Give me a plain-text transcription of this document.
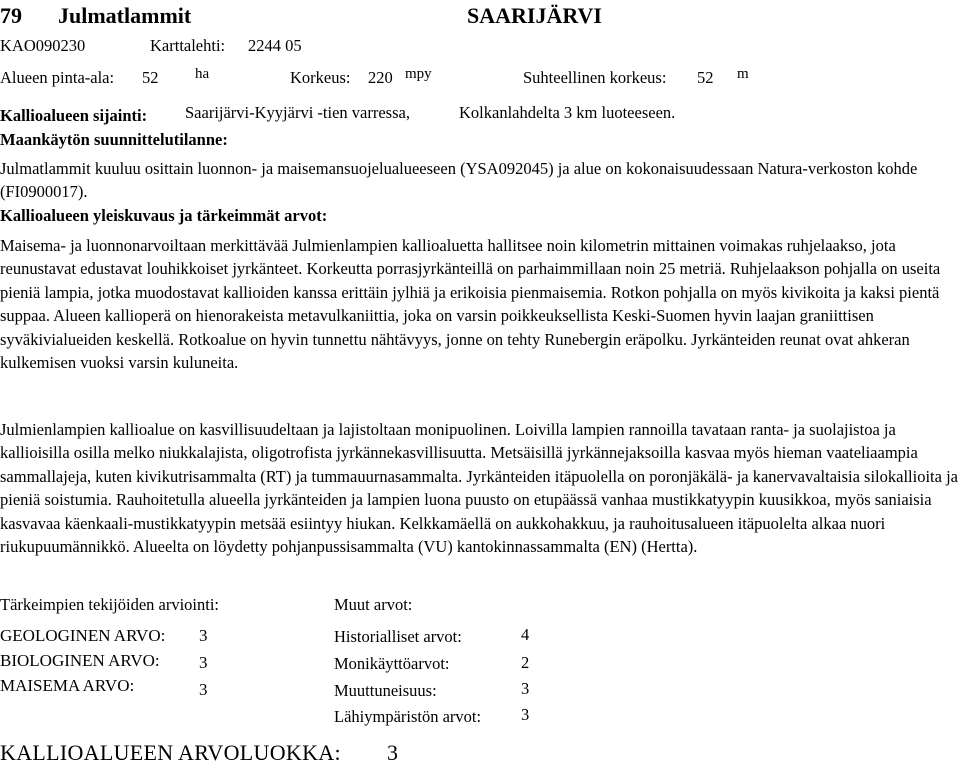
79 Julmatlammit	SAARIJÄRVI
KAO090230	Karttalehti: 2244 05
Alueen pinta-ala: 52 ha	Korkeus: 220 mpy	Suhteellinen korkeus: 52 m
Kallioalueen sijainti: Saarijärvi-Kyyjärvi -tien varressa,	Kolkanlahdelta 3 km luoteeseen.
Maankäytön suunnittelutilanne:
Julmatlammit kuuluu osittain luonnon- ja maisemansuojelualueeseen (YSA092045) ja alue on kokonaisuudessaan Natura-verkoston kohde (FI0900017).
Kallioalueen yleiskuvaus ja tärkeimmät arvot:
Maisema- ja luonnonarvoiltaan merkittävää Julmienlampien kallioaluetta hallitsee noin kilometrin mittainen voimakas ruhjelaakso, jota reunustavat edustavat louhikkoiset jyrkänteet. Korkeutta porrasjyrkänteillä on parhaimmillaan noin 25 metriä. Ruhjelaakson pohjalla on useita pieniä lampia, jotka muodostavat kallioiden kanssa erittäin jylhiä ja erikoisia pienmaisemia. Rotkon pohjalla on myös kivikoita ja kaksi pientä suppaa. Alueen kallioperä on hienorakeista metavulkaniittia, joka on varsin poikkeuksellista Keski-Suomen hyvin laajan graniittisen syväkivialueiden keskellä. Rotkoalue on hyvin tunnettu nähtävyys, jonne on tehty Runebergin eräpolku. Jyrkänteiden reunat ovat ahkeran kulkemisen vuoksi varsin kuluneita.
Julmienlampien kallioalue on kasvillisuudeltaan ja lajistoltaan monipuolinen. Loivilla lampien rannoilla tavataan ranta- ja suolajistoa ja kallioisilla osilla melko niukkalajista, oligotrofista jyrkännekasvillisuutta. Metsäisillä jyrkännejaksoilla kasvaa myös hieman vaateliaampia sammallajeja, kuten kivikutrisammalta (RT) ja tummauurnasammalta. Jyrkänteiden itäpuolella on poronjäkälä- ja kanervavaltaisia silokallioita ja pieniä soistumia. Rauhoitetulla alueella jyrkänteiden ja lampien luona puusto on etupäässä vanhaa mustikkatyypin kuusikkoa, myös saniaisia kasvavaa käenkaali-mustikkatyypin metsää esiintyy hiukan. Kelkkamäellä on aukkohakkuu, ja rauhoitusalueen itäpuolelta alkaa nuori riukupuumännikkö. Alueelta on löydetty pohjanpussisammalta (VU) kantokinnassammalta (EN) (Hertta).
Tärkeimpien tekijöiden arviointi:
GEOLOGINEN ARVO: 3
BIOLOGINEN ARVO: 3
MAISEMA ARVO:	3
Muut arvot:
Historialliset arvot:	4
Monikäyttöarvot:	2
Muuttuneisuus:	3
Lähiympäristön arvot: 3
KALLIOALUEEN ARVOLUOKKA: 3
